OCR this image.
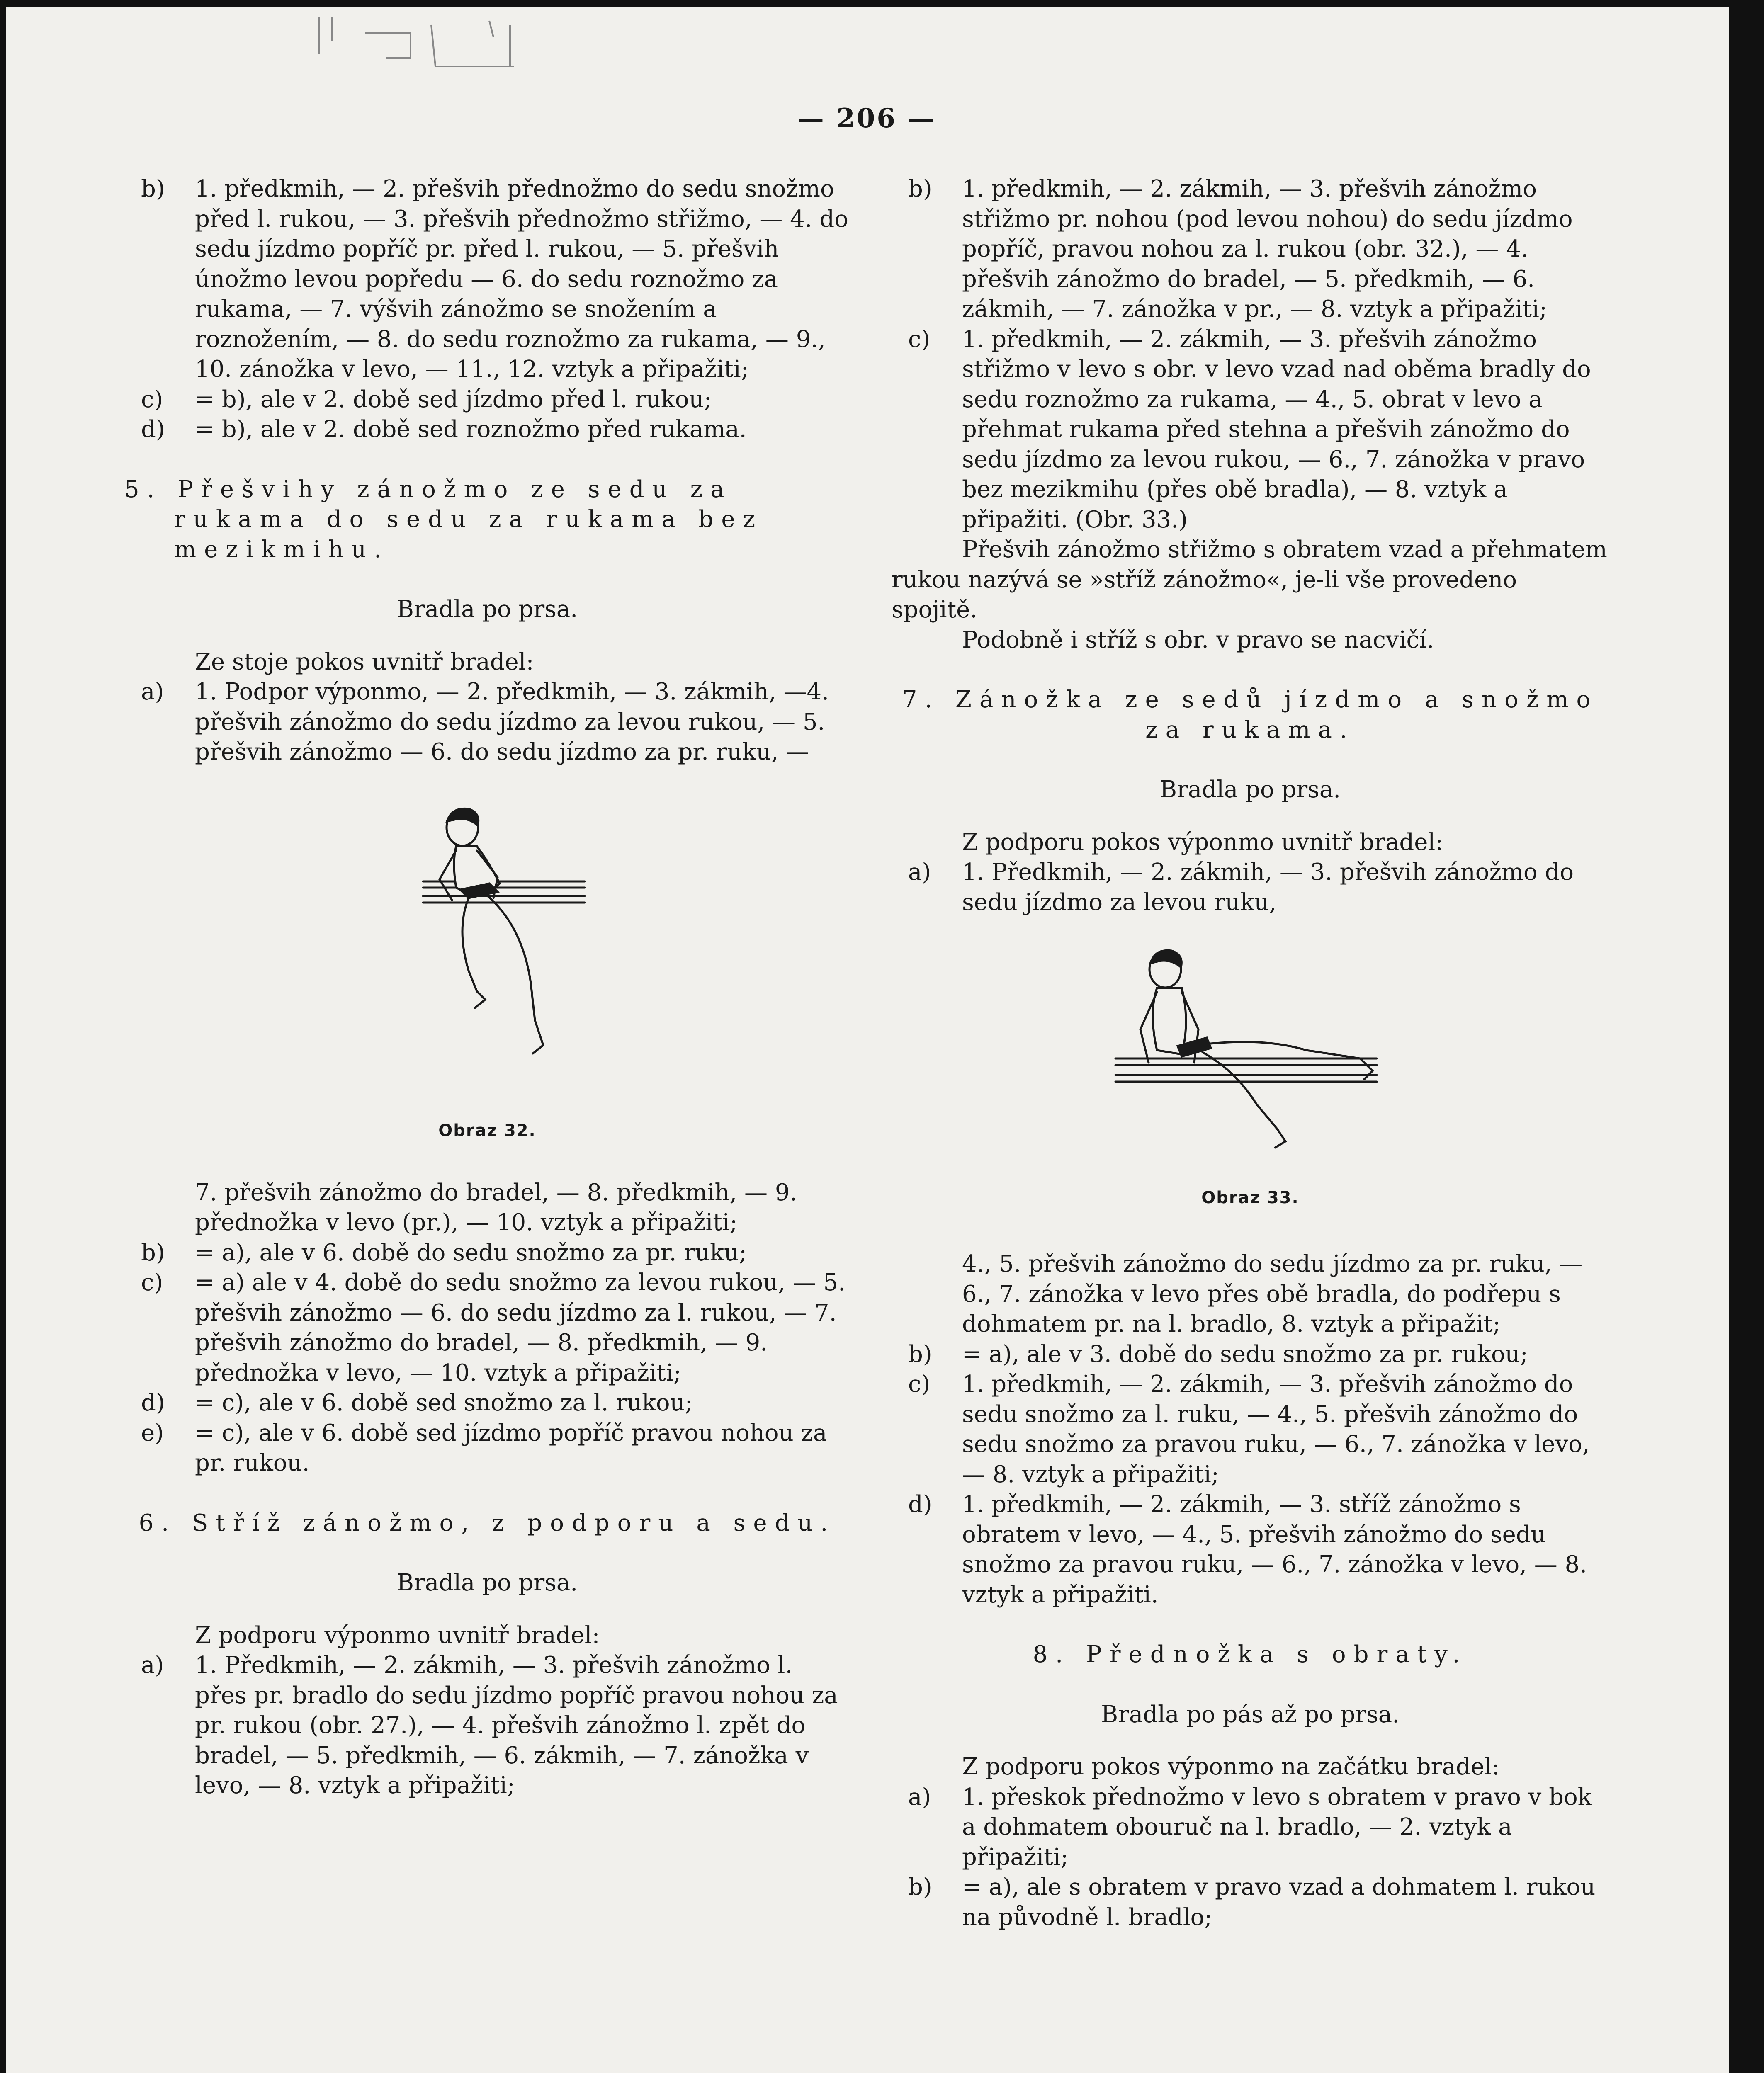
— 206 —

b) 1. předkmih, — 2. přešvih přednožmo do sedu snožmo před l. rukou, — 3. přešvih přednožmo střižmo, — 4. do sedu jízdmo popříč pr. před l. rukou, — 5. přešvih únožmo levou popředu — 6. do sedu roznožmo za rukama, — 7. výšvih zánožmo se snožením a roznožením, — 8. do sedu roznožmo za rukama, — 9., 10. zánožka v levo, — 11., 12. vztyk a připažiti;

c) = b), ale v 2. době sed jízdmo před l. rukou;

d) = b), ale v 2. době sed roznožmo před rukama.

5. Přešvihy zánožmo ze sedu za rukama do sedu za rukama bez mezikmihu.

Bradla po prsa.

Ze stoje pokos uvnitř bradel:

a) 1. Podpor výponmo, — 2. předkmih, — 3. zákmih, —4. přešvih zánožmo do sedu jízdmo za levou rukou, — 5. přešvih zánožmo — 6. do sedu jízdmo za pr. ruku, —

Obraz 32.

7. přešvih zánožmo do bradel, — 8. předkmih, — 9. přednožka v levo (pr.), — 10. vztyk a připažiti;

b) = a), ale v 6. době do sedu snožmo za pr. ruku;

c) = a) ale v 4. době do sedu snožmo za levou rukou, — 5. přešvih zánožmo — 6. do sedu jízdmo za l. rukou, — 7. přešvih zánožmo do bradel, — 8. předkmih, — 9. přednožka v levo, — 10. vztyk a připažiti;

d) = c), ale v 6. době sed snožmo za l. rukou;

e) = c), ale v 6. době sed jízdmo popříč pravou nohou za pr. rukou.

6. Stříž zánožmo, z podporu a sedu.

Bradla po prsa.

Z podporu výponmo uvnitř bradel:

a) 1. Předkmih, — 2. zákmih, — 3. přešvih zánožmo l. přes pr. bradlo do sedu jízdmo popříč pravou nohou za pr. rukou (obr. 27.), — 4. přešvih zánožmo l. zpět do bradel, — 5. předkmih, — 6. zákmih, — 7. zánožka v levo, — 8. vztyk a připažiti;

b) 1. předkmih, — 2. zákmih, — 3. přešvih zánožmo střižmo pr. nohou (pod levou nohou) do sedu jízdmo popříč, pravou nohou za l. rukou (obr. 32.), — 4. přešvih zánožmo do bradel, — 5. předkmih, — 6. zákmih, — 7. zánožka v pr., — 8. vztyk a připažiti;

c) 1. předkmih, — 2. zákmih, — 3. přešvih zánožmo střižmo v levo s obr. v levo vzad nad oběma bradly do sedu roznožmo za rukama, — 4., 5. obrat v levo a přehmat rukama před stehna a přešvih zánožmo do sedu jízdmo za levou rukou, — 6., 7. zánožka v pravo bez mezikmihu (přes obě bradla), — 8. vztyk a připažiti. (Obr. 33.)

Přešvih zánožmo střižmo s obratem vzad a přehmatem rukou nazývá se »stříž zánožmo«, je-li vše provedeno spojitě.

Podobně i stříž s obr. v pravo se nacvičí.

7. Zánožka ze sedů jízdmo a snožmo za rukama.

Bradla po prsa.

Z podporu pokos výponmo uvnitř bradel:

a) 1. Předkmih, — 2. zákmih, — 3. přešvih zánožmo do sedu jízdmo za levou ruku,

Obraz 33.

4., 5. přešvih zánožmo do sedu jízdmo za pr. ruku, — 6., 7. zánožka v levo přes obě bradla, do podřepu s dohmatem pr. na l. bradlo, 8. vztyk a připažit;

b) = a), ale v 3. době do sedu snožmo za pr. rukou;

c) 1. předkmih, — 2. zákmih, — 3. přešvih zánožmo do sedu snožmo za l. ruku, — 4., 5. přešvih zánožmo do sedu snožmo za pravou ruku, — 6., 7. zánožka v levo, — 8. vztyk a připažiti;

d) 1. předkmih, — 2. zákmih, — 3. stříž zánožmo s obratem v levo, — 4., 5. přešvih zánožmo do sedu snožmo za pravou ruku, — 6., 7. zánožka v levo, — 8. vztyk a připažiti.

8. Přednožka s obraty.

Bradla po pás až po prsa.

Z podporu pokos výponmo na začátku bradel:

a) 1. přeskok přednožmo v levo s obratem v pravo v bok a dohmatem obouruč na l. bradlo, — 2. vztyk a připažiti;

b) = a), ale s obratem v pravo vzad a dohmatem l. rukou na původně l. bradlo;
